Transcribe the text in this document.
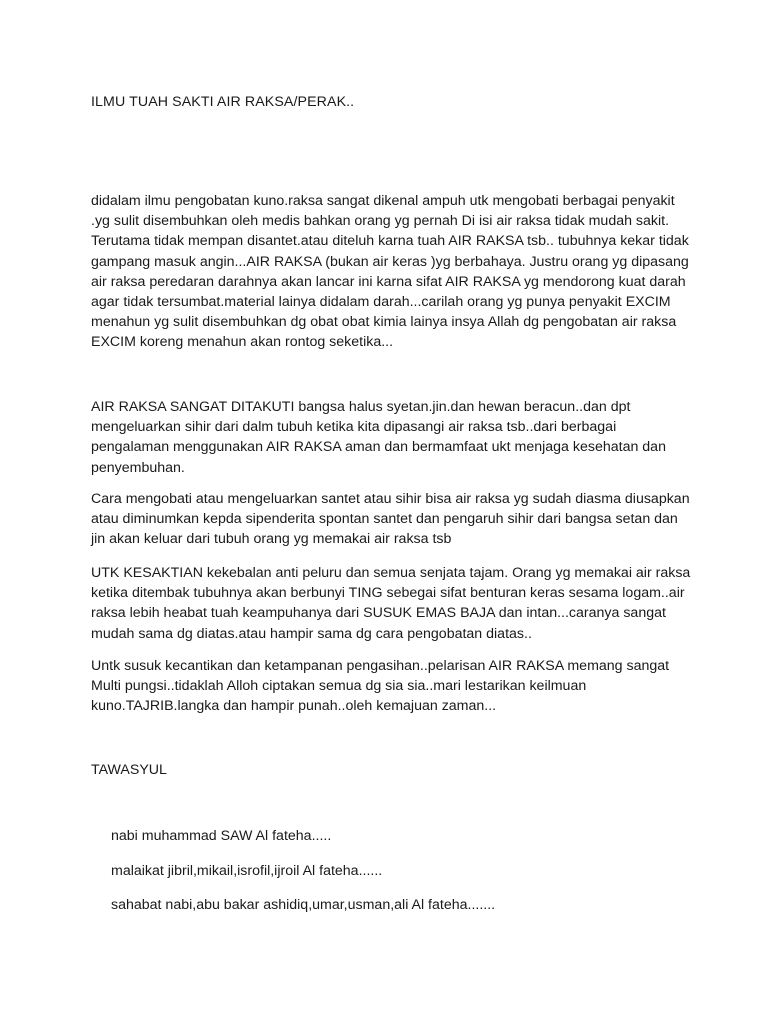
ILMU TUAH SAKTI AIR RAKSA/PERAK..

didalam ilmu pengobatan kuno.raksa sangat dikenal ampuh utk mengobati berbagai penyakit
.yg sulit disembuhkan oleh medis bahkan orang yg pernah Di isi air raksa tidak mudah sakit.
Terutama tidak mempan disantet.atau diteluh karna tuah AIR RAKSA tsb.. tubuhnya kekar tidak
gampang masuk angin...AIR RAKSA (bukan air keras )yg berbahaya. Justru orang yg dipasang
air raksa peredaran darahnya akan lancar ini karna sifat AIR RAKSA yg mendorong kuat darah
agar tidak tersumbat.material lainya didalam darah...carilah orang yg punya penyakit EXCIM
menahun yg sulit disembuhkan dg obat obat kimia lainya insya Allah dg pengobatan air raksa
EXCIM koreng menahun akan rontog seketika...

AIR RAKSA SANGAT DITAKUTI bangsa halus syetan.jin.dan hewan beracun..dan dpt
mengeluarkan sihir dari dalm tubuh ketika kita dipasangi air raksa tsb..dari berbagai
pengalaman menggunakan AIR RAKSA aman dan bermamfaat ukt menjaga kesehatan dan
penyembuhan.

Cara mengobati atau mengeluarkan santet atau sihir bisa air raksa yg sudah diasma diusapkan
atau diminumkan kepda sipenderita spontan santet dan pengaruh sihir dari bangsa setan dan
jin akan keluar dari tubuh orang yg memakai air raksa tsb

UTK KESAKTIAN kekebalan anti peluru dan semua senjata tajam. Orang yg memakai air raksa
ketika ditembak tubuhnya akan berbunyi TING sebegai sifat benturan keras sesama logam..air
raksa lebih heabat tuah keampuhanya dari SUSUK EMAS BAJA dan intan...caranya sangat
mudah sama dg diatas.atau hampir sama dg cara pengobatan diatas..

Untk susuk kecantikan dan ketampanan pengasihan..pelarisan AIR RAKSA memang sangat
Multi pungsi..tidaklah Alloh ciptakan semua dg sia sia..mari lestarikan keilmuan
kuno.TAJRIB.langka dan hampir punah..oleh kemajuan zaman...

TAWASYUL

nabi muhammad SAW Al fateha.....

malaikat jibril,mikail,isrofil,ijroil Al fateha......

sahabat nabi,abu bakar ashidiq,umar,usman,ali Al fateha.......
